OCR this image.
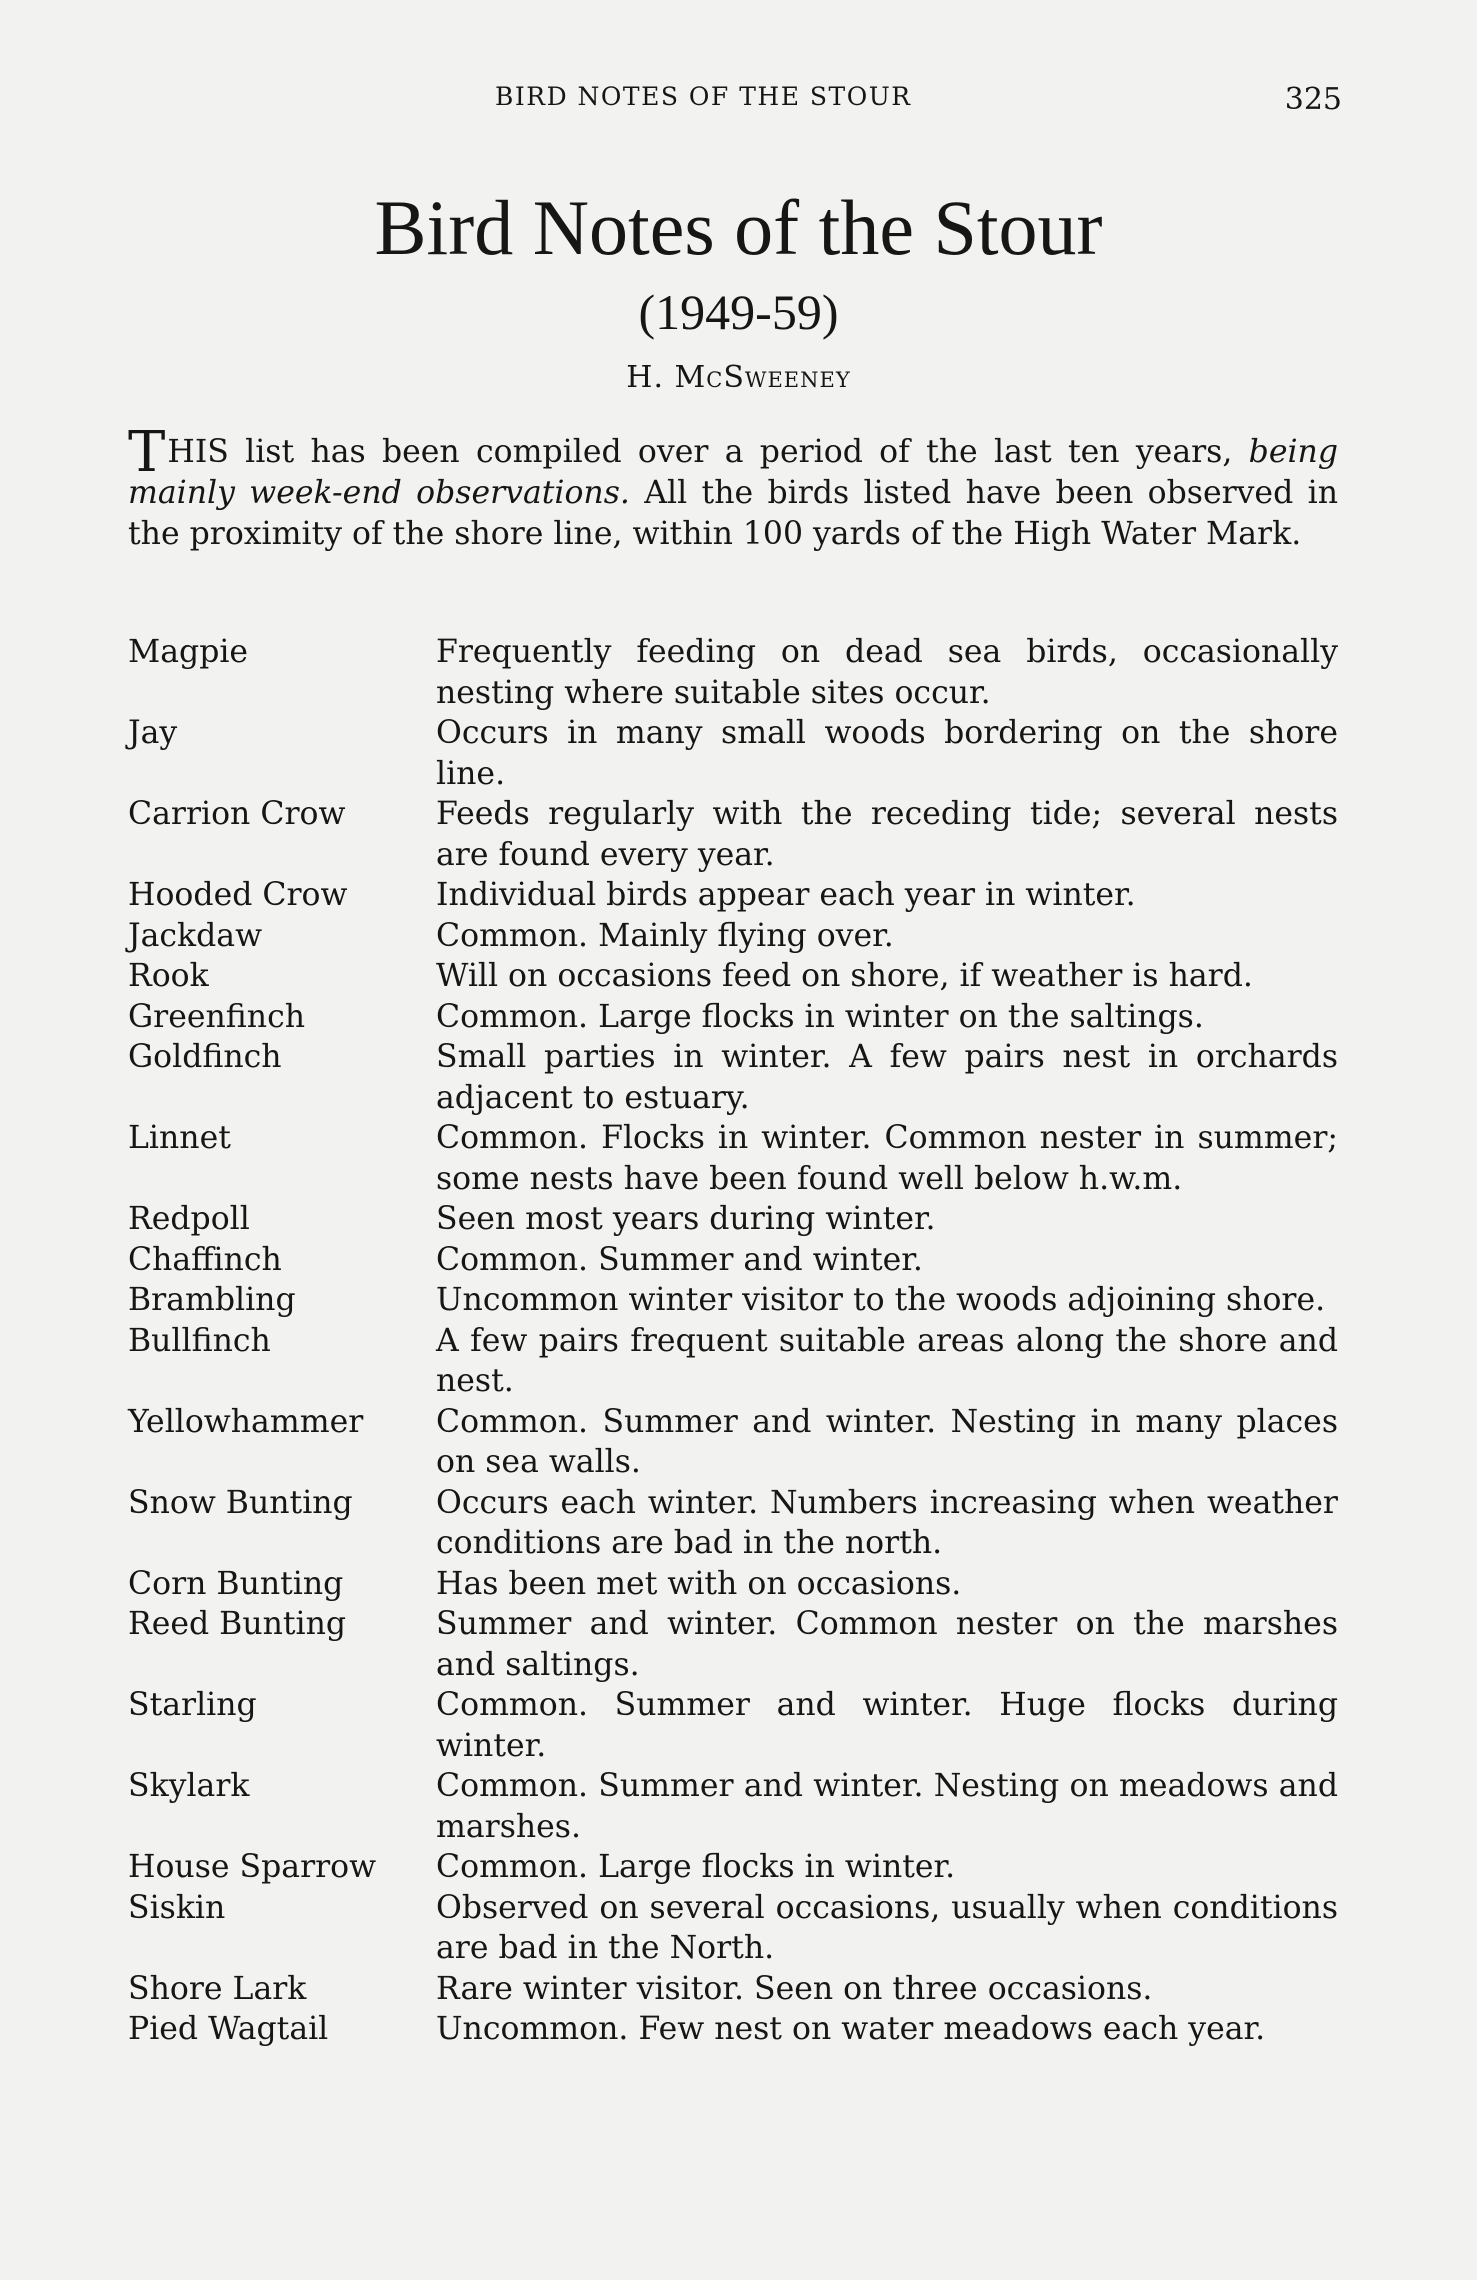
BIRD NOTES OF THE STOUR	325
Bird Notes of the Stour
(1949-59)
H. McSweeney
THIS list has been compiled over a period of the last ten years, being mainly week-end observations. All the birds listed have been observed in the proximity of the shore line, within 100 yards of the High Water Mark.
Magpie	Frequently feeding on dead sea birds, occasionally nesting where suitable sites occur.
Jay	Occurs in many small woods bordering on the shore line.
Carrion Crow	Feeds regularly with the receding tide; several nests are found every year.
Hooded Crow	Individual birds appear each year in winter.
Jackdaw	Common. Mainly flying over.
Rook	Will on occasions feed on shore, if weather is hard.
Greenfinch	Common. Large flocks in winter on the saltings.
Goldfinch	Small parties in winter. A few pairs nest in orchards adjacent to estuary.
Linnet	Common. Flocks in winter. Common nester in summer; some nests have been found well below h.w.m.
Redpoll	Seen most years during winter.
Chaffinch	Common. Summer and winter.
Brambling	Uncommon winter visitor to the woods adjoining shore.
Bullfinch	A few pairs frequent suitable areas along the shore and nest.
Yellowhammer	Common. Summer and winter. Nesting in many places on sea walls.
Snow Bunting	Occurs each winter. Numbers increasing when weather conditions are bad in the north.
Corn Bunting	Has been met with on occasions.
Reed Bunting	Summer and winter. Common nester on the marshes and saltings.
Starling	Common. Summer and winter. Huge flocks during winter.
Skylark	Common. Summer and winter. Nesting on meadows and marshes.
House Sparrow	Common. Large flocks in winter.
Siskin	Observed on several occasions, usually when conditions are bad in the North.
Shore Lark	Rare winter visitor. Seen on three occasions.
Pied Wagtail	Uncommon. Few nest on water meadows each year.
